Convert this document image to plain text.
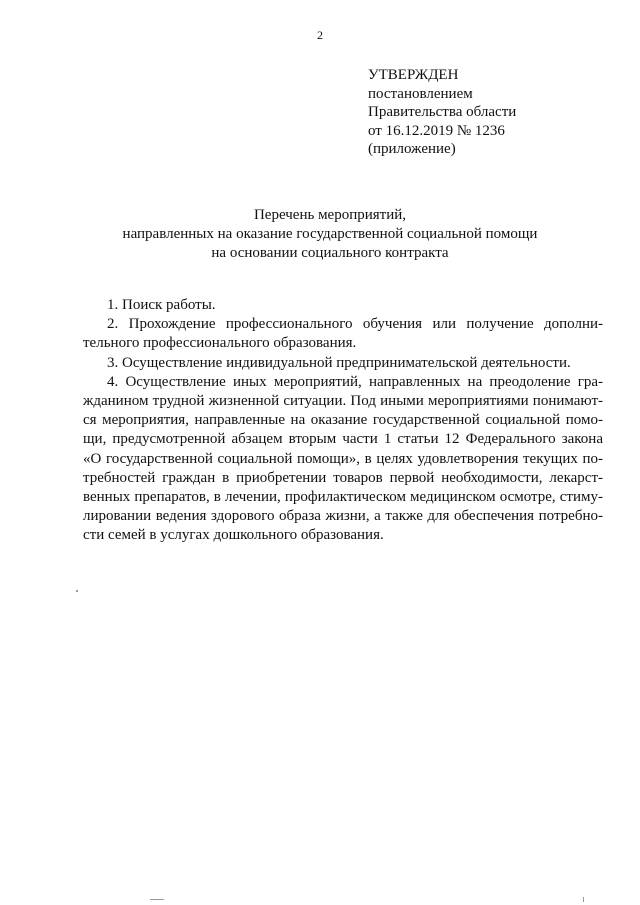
2
УТВЕРЖДЕН
постановлением
Правительства области
от 16.12.2019 № 1236
(приложение)
Перечень мероприятий,
направленных на оказание государственной социальной помощи
на основании социального контракта
1. Поиск работы.
2. Прохождение профессионального обучения или получение дополни-
тельного профессионального образования.
3. Осуществление индивидуальной предпринимательской деятельности.
4. Осуществление иных мероприятий, направленных на преодоление гра-
жданином трудной жизненной ситуации. Под иными мероприятиями понимают-
ся мероприятия, направленные на оказание государственной социальной помо-
щи, предусмотренной абзацем вторым части 1 статьи 12 Федерального закона
«О государственной социальной помощи», в целях удовлетворения текущих по-
требностей граждан в приобретении товаров первой необходимости, лекарст-
венных препаратов, в лечении, профилактическом медицинском осмотре, стиму-
лировании ведения здорового образа жизни, а также для обеспечения потребно-
сти семей в услугах дошкольного образования.
